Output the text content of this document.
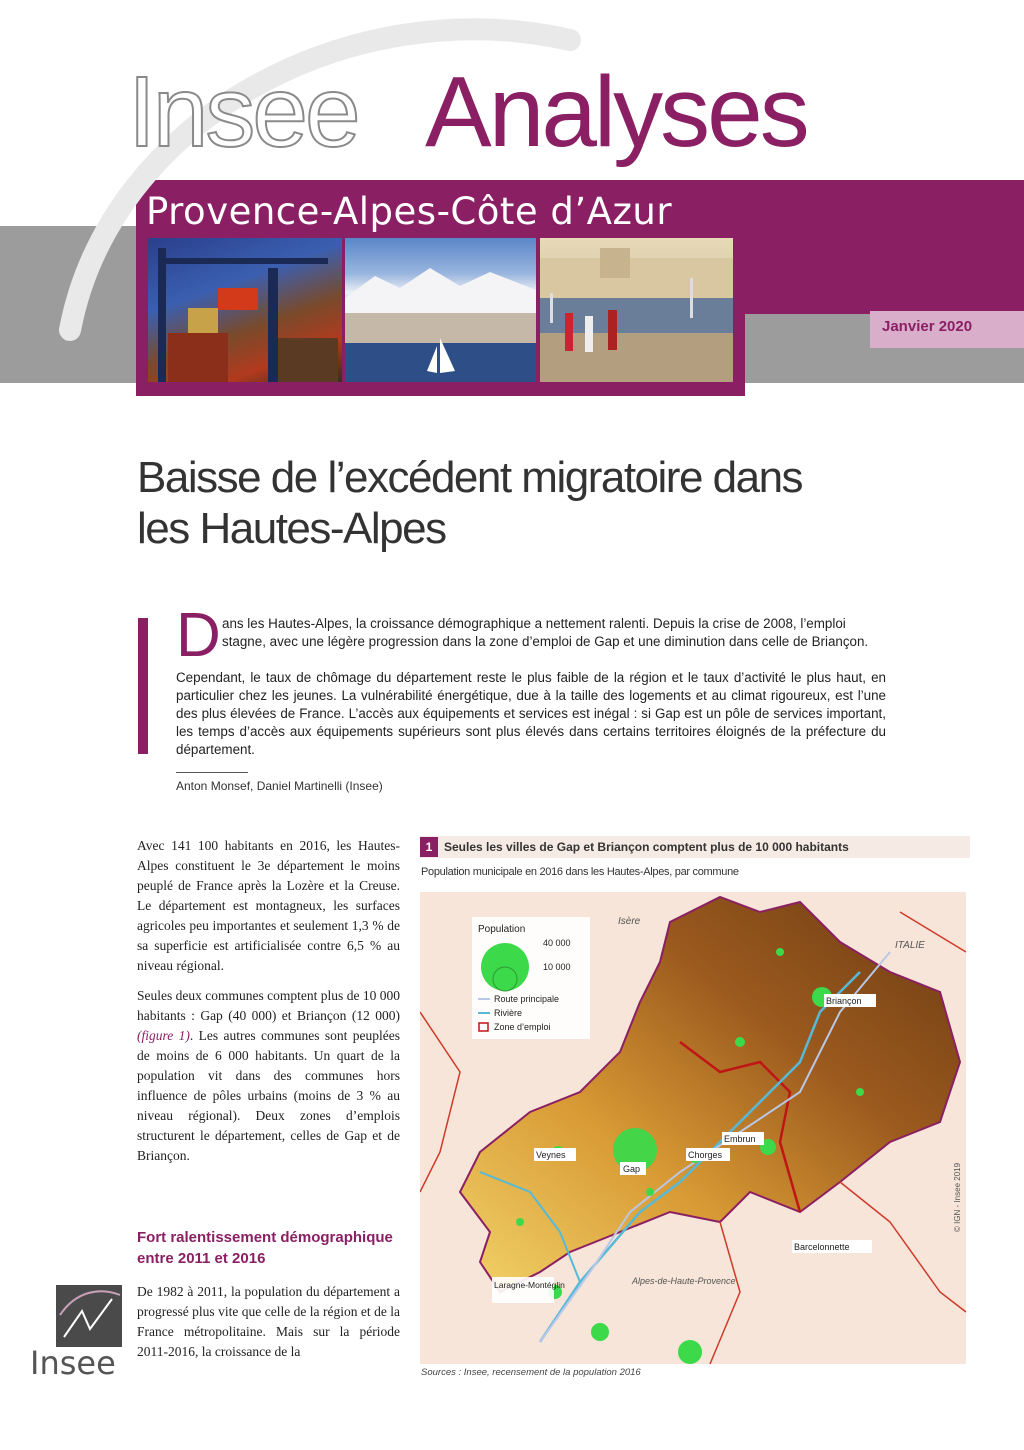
Insee Analyses
Provence-Alpes-Côte d’Azur
N° 81
Janvier 2020
Baisse de l’excédent migratoire dans
les Hautes-Alpes
D ans les Hautes-Alpes, la croissance démographique a nettement ralenti. Depuis la crise de 2008, l’emploi stagne, avec une légère progression dans la zone d’emploi de Gap et une diminution dans celle de Briançon.
Cependant, le taux de chômage du département reste le plus faible de la région et le taux d’activité le plus haut, en particulier chez les jeunes. La vulnérabilité énergétique, due à la taille des logements et au climat rigoureux, est l’une des plus élevées de France. L’accès aux équipements et services est inégal : si Gap est un pôle de services important, les temps d’accès aux équipements supérieurs sont plus élevés dans certains territoires éloignés de la préfecture du département.
Anton Monsef, Daniel Martinelli (Insee)

Avec 141 100 habitants en 2016, les Hautes-Alpes constituent le 3e département le moins peuplé de France après la Lozère et la Creuse. Le département est montagneux, les surfaces agricoles peu importantes et seulement 1,3 % de sa superficie est artificialisée contre 6,5 % au niveau régional.

Seules deux communes comptent plus de 10 000 habitants : Gap (40 000) et Briançon (12 000) (figure 1). Les autres communes sont peuplées de moins de 6 000 habitants. Un quart de la population vit dans des communes hors influence de pôles urbains (moins de 3 % au niveau régional). Deux zones d’emplois structurent le département, celles de Gap et de Briançon.

Fort ralentissement démographique entre 2011 et 2016

De 1982 à 2011, la population du département a progressé plus vite que celle de la région et de la France métropolitaine. Mais sur la période 2011-2016, la croissance de la

1 Seules les villes de Gap et Briançon comptent plus de 10 000 habitants
Population municipale en 2016 dans les Hautes-Alpes, par commune
Population
40 000
10 000
Route principale
Rivière
Zone d’emploi
Isère
ITALIE
Briançon
Embrun
Chorges
Veynes
Gap
Barcelonnette
Laragne-Montéglin	Alpes-de-Haute-Provence
© IGN - Insee 2019
Sources : Insee, recensement de la population 2016
Insee
